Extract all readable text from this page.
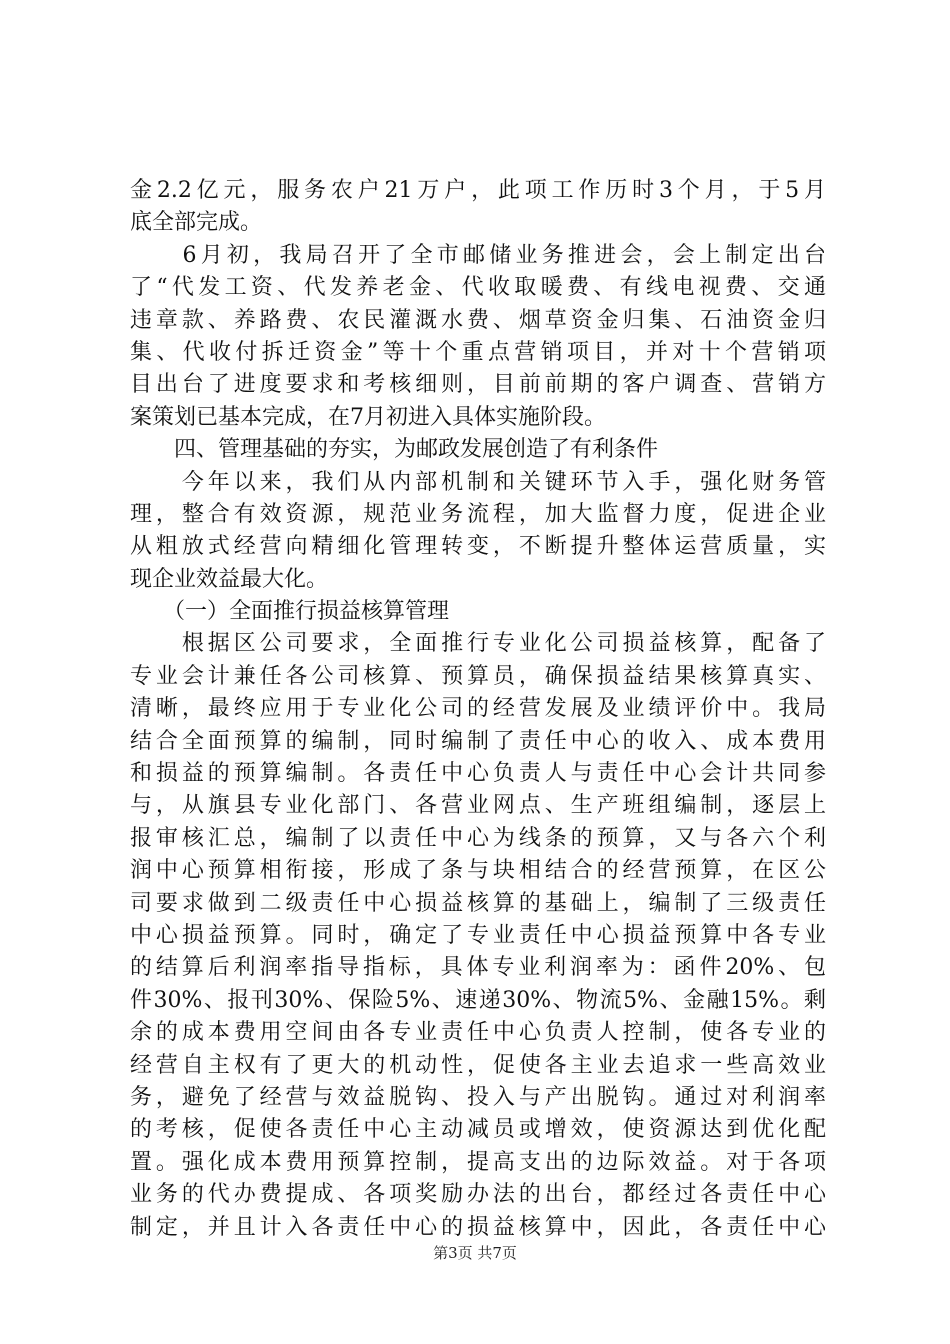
金2.2亿元，服务农户21万户，此项工作历时3个月，于5月
底全部完成。
　　6月初，我局召开了全市邮储业务推进会，会上制定出台
了“代发工资、代发养老金、代收取暖费、有线电视费、交通
违章款、养路费、农民灌溉水费、烟草资金归集、石油资金归
集、代收付拆迁资金”等十个重点营销项目，并对十个营销项
目出台了进度要求和考核细则，目前前期的客户调查、营销方
案策划已基本完成，在7月初进入具体实施阶段。
　　四、管理基础的夯实，为邮政发展创造了有利条件
　　今年以来，我们从内部机制和关键环节入手，强化财务管
理，整合有效资源，规范业务流程，加大监督力度，促进企业
从粗放式经营向精细化管理转变，不断提升整体运营质量，实
现企业效益最大化。
　　（一）全面推行损益核算管理
　　根据区公司要求，全面推行专业化公司损益核算，配备了
专业会计兼任各公司核算、预算员，确保损益结果核算真实、
清晰，最终应用于专业化公司的经营发展及业绩评价中。我局
结合全面预算的编制，同时编制了责任中心的收入、成本费用
和损益的预算编制。各责任中心负责人与责任中心会计共同参
与，从旗县专业化部门、各营业网点、生产班组编制，逐层上
报审核汇总，编制了以责任中心为线条的预算，又与各六个利
润中心预算相衔接，形成了条与块相结合的经营预算，在区公
司要求做到二级责任中心损益核算的基础上，编制了三级责任
中心损益预算。同时，确定了专业责任中心损益预算中各专业
的结算后利润率指导指标，具体专业利润率为：函件20%、包
件30%、报刊30%、保险5%、速递30%、物流5%、金融15%。剩
余的成本费用空间由各专业责任中心负责人控制，使各专业的
经营自主权有了更大的机动性，促使各主业去追求一些高效业
务，避免了经营与效益脱钩、投入与产出脱钩。通过对利润率
的考核，促使各责任中心主动减员或增效，使资源达到优化配
置。强化成本费用预算控制，提高支出的边际效益。对于各项
业务的代办费提成、各项奖励办法的出台，都经过各责任中心
制定，并且计入各责任中心的损益核算中，因此，各责任中心
第3页 共7页
